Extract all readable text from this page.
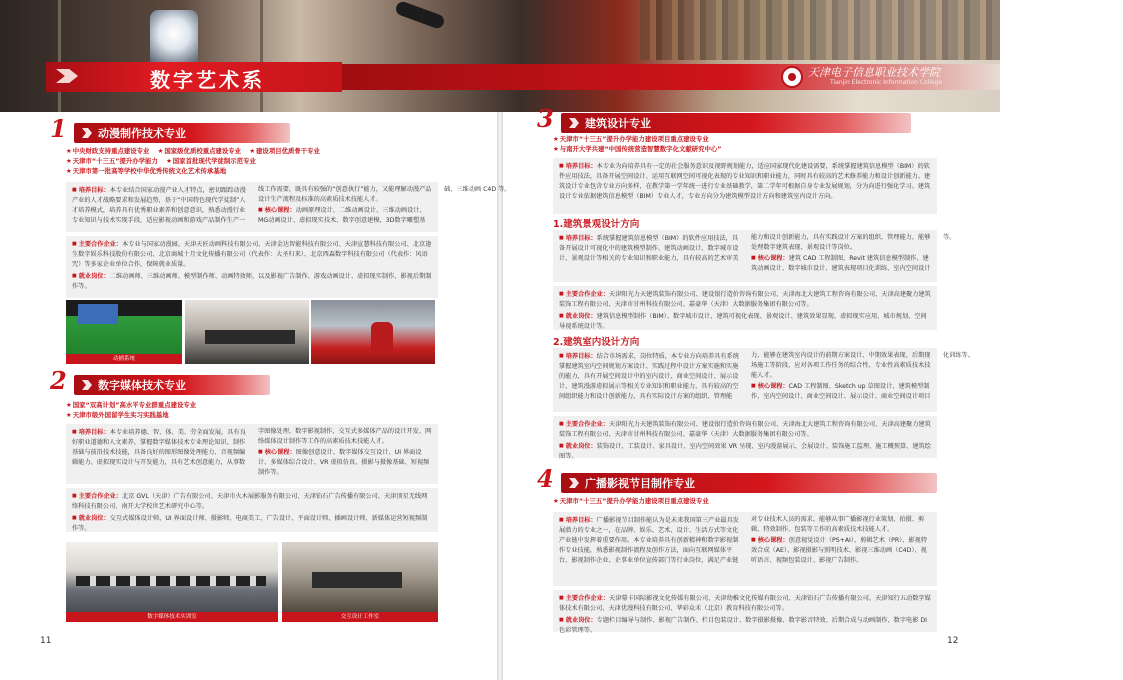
数字艺术系	天津电子信息职业技术学院
Tianjin Electronic Information College
1	动漫制作技术专业
★ 中央财政支持重点建设专业 ★ 国家级优质校重点建设专业 ★ 建设项目优质骨干专业
★ 天津市“十三五”提升办学能力 ★ 国家首批现代学徒制示范专业
★ 天津市第一批高等学校中华优秀传统文化艺术传承基地
■ 培养目标：本专业结合国家动漫产业人才特点，密切跟踪动漫产业的人才战略要求和发展趋势，基于“中国特色现代学徒制”人才培养模式，培养具有优秀职业素养和创意意识，熟悉动漫行业专业知识与技术实现手段，适应影视动画和游戏产品制作生产一线工作需要，既具有较强的“创意执行”能力，又能理解动漫产品设计生产流程及标准的高素质技术技能人才。
■ 核心课程：动画原理设计、二维动画设计、三维动画设计、MG动画设计、虚拟现实技术、数字创意建模、3D数字雕塑基础、三维动画 C4D 等。
■ 主要合作企业：本专业与国家动漫园、天津天匠动画科技有限公司、天津金达智能科技有限公司、天津宣慧科技有限公司、北京逢生数字娱乐科技股份有限公司、北京商城十月文化传播有限公司（代表作：大圣归来）、北京西森数字科技有限公司（代表作：风语咒）等多家企业单位合作，保障就业质量。
■ 就业岗位：二维动画师、三维动画师、模型制作师、动画特效师，以及影视广告制作、游戏动画设计、虚拟现实制作、影视后期制作等。
动捕系统
2	数字媒体技术专业
★ 国家“双高计划”高水平专业群重点建设专业
★ 天津市级外国留学生实习实践基地
■ 培养目标：本专业培养德、智、体、美、劳全面发展，具有良好职业道德和人文素养，掌握数字媒体技术专业理论知识、制作基础与前沿技术技能，具备良好的图形图像处理能力、音视频编辑能力、虚拟现实设计与开发能力，具有艺术创意能力，从事数字图像处理、数字影视制作、交互式多媒体产品的设计开发、网络媒体设计制作等工作的高素质技术技能人才。
■ 核心课程：图像创意设计、数字媒体交互设计、UI 界面设计、多媒体综合设计、VR 虚拟仿真、摄影与摄像基础、短视频制作等。
■ 主要合作企业：北京 GVL（天津）广告有限公司、天津市火木展影服务有限公司、天津铂石广告传播有限公司、天津顶星无线网络科技有限公司、南开大学校世艺术研究中心等。
■ 就业岗位：交互式媒体设计师、UI 界面设计师、摄影师、电商美工、广告设计、平面设计师、插画设计师、新媒体运营短视频制作等。
数字媒体技术实训室	交互设计工作室
11
3	建筑设计专业
★ 天津市“十三五”提升办学能力建设项目重点建设专业
★ 与南开大学共建“中国传统营造智慧数字化文献研究中心”
■ 培养目标：本专业为向培养具有一定的社会服务意识及视野规划能力，适应国家现代化建设需要，系统掌握建筑信息模型（BIM）的软件应用技法，具备开展空间设计、运用互联网空间可视化表现的专业知识和职业能力，同时具有较高的艺术修养能力和设计创新能力。建筑设计专业包含专业方向多样，在教学第一学年统一进行专业基础教学，第二学年可根据自身专业发展规划，分为向进行强化学习。建筑设计专业依据建筑信息模型（BIM）专业人才，专业方向分为建筑模型设计方向和建筑室内设计方向。
1.建筑景观设计方向
■ 培养目标：系统掌握建筑信息模型（BIM）的软件应用技法，具备开展设计可视化中的建筑模型制作、建筑动画设计、数字城市设计、景观设计等相关的专业知识和职业能力，具有较高的艺术审美能力和设计创新能力，具有实践设计方案的组织、管理能力，能够处理数字建筑表现、景观设计等岗位。
■ 核心课程：建筑 CAD 工程制图、Revit 建筑信息模型制作、建筑动画设计、数字城市设计、建筑表现项目化训练、室内空间设计等。
■ 主要合作企业：天津阳光力天建筑装饰有限公司、建设银行造价咨询有限公司、天津海北大建筑工程咨询有限公司、天津高建聚力建筑装饰工程有限公司、天津市甘州科技有限公司、嘉豪华（天津）大数据服务集团有限公司等。
■ 就业岗位：建筑信息模型制作（BIM）、数字城市设计、建筑可视化表现、景观设计、建筑效果显现、虚拟现实应用、城市规划、空间导视系统设计等。
2.建筑室内设计方向
■ 培养目标：结合市场需求，岗位特质，本专业方向培养具有系统掌握建筑室内空间规划方案设计、实践过程中设计方案实施和实施的能力，具有开展空间设计中的室内设计、商业空间设计、展示设计、建筑漫游虚拟展示等相关专业知识和职业能力，具有较高的空间组织能力和设计创新能力，具有实际设计方案的组织、管理能力，能够在建筑室内设计的前期方案设计、中期效果表现、后期现场施工等阶段，应对各项工作任务的综合性、专业性高素质技术技能人才。
■ 核心课程：CAD 工程制图、Sketch up 草图设计、建筑模型制作、室内空间设计、商业空间设计、展示设计、商业空间设计项目化训练等。
■ 主要合作企业：天津阳光力天建筑装饰有限公司、建设银行造价咨询有限公司、天津海北大建筑工程咨询有限公司、天津高建聚力建筑装饰工程有限公司、天津市甘州科技有限公司、嘉豪华（天津）大数据服务集团有限公司等。
■ 就业岗位：装饰设计、工装设计、家具设计、室内空间效果 VR 呈现、室内漫游展示、会展设计、装饰施工监理、施工概预算、建筑绘图等。
4	广播影视节目制作专业
★ 天津市“十三五”提升办学能力建设项目重点建设专业
■ 培养目标：广播影视节目制作能认为是未来我国第三产业最具发展潜力的专业之一，在品牌、娱乐、艺术、设计、生活方式等文化产业链中发挥着重要作用。本专业培养具有创新精神和数字影视制作专业技能，熟悉影视制作流程及创作方法，面向互联网媒体平台、影视制作企业、企事业单位宣传部门等行业岗位，满足产业链对专业技术人员的需求，能够从事广播影视行业策划、拍摄、剪辑、特效制作、包装等工作的高素质技术技能人才。
■ 核心课程：创意视觉设计（PS+AI）、剪辑艺术（PR）、影视特效合成（AE）、影视摄影与照明技术、影视三维动画（C4D）、视听语言、视频包装设计、影视广告制作。
■ 主要合作企业：天津幕卡国际影视文化传媒有限公司、天津幼稚文化传媒有限公司、天津铂石广告传播有限公司、天津知行五动数字媒体技术有限公司、天津优漫科技有限公司、华彩众禾（北京）教育科技有限公司等。
■ 就业岗位：专题栏目编导与制作、影视广告制作、栏目包装设计、数字摄影摄像、数字影音特效、后期合成与动画制作、数字电影 DI 色彩管理等。
12
